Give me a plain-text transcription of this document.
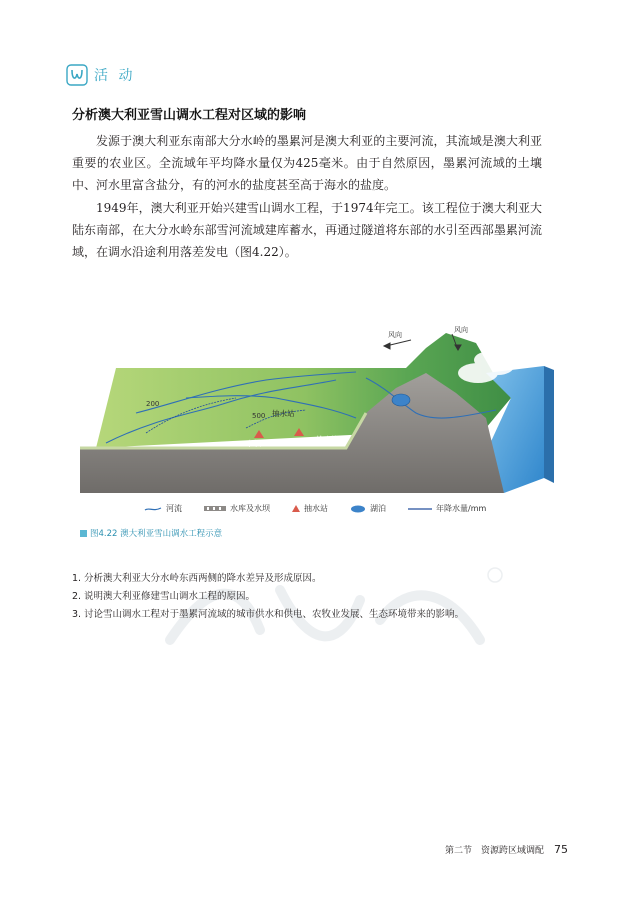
活 动
分析澳大利亚雪山调水工程对区域的影响

发源于澳大利亚东南部大分水岭的墨累河是澳大利亚的主要河流，其流域是澳大利亚重要的农业区。全流域年平均降水量仅为425毫米。由于自然原因，墨累河流域的土壤中、河水里富含盐分，有的河水的盐度甚至高于海水的盐度。

1949年，澳大利亚开始兴建雪山调水工程，于1974年完工。该工程位于澳大利亚大陆东南部，在大分水岭东部雪河流域建库蓄水，再通过隧道将东部的水引至西部墨累河流域，在调水沿途利用落差发电（图4.22）。

风向
风向
200
500
水坝
抽水站
输水管
河流	水库及水坝	抽水站	湖泊	年降水量/mm
图4.22 澳大利亚雪山调水工程示意
1. 分析澳大利亚大分水岭东西两侧的降水差异及形成原因。
2. 说明澳大利亚修建雪山调水工程的原因。
3. 讨论雪山调水工程对于墨累河流域的城市供水和供电、农牧业发展、生态环境带来的影响。
第二节　资源跨区域调配 75
